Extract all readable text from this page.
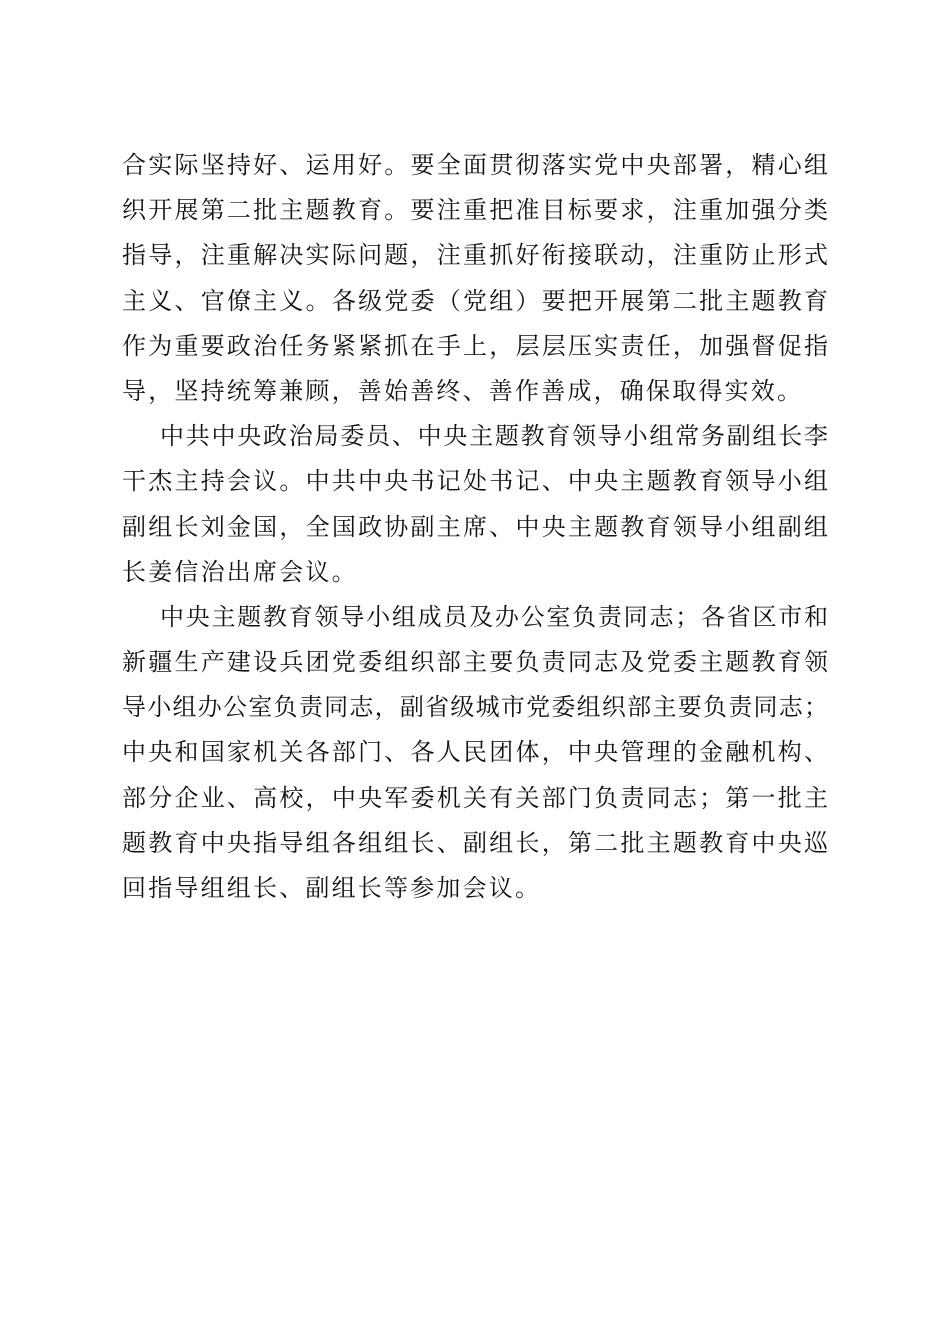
合实际坚持好、运用好。要全面贯彻落实党中央部署，精心组
织开展第二批主题教育。要注重把准目标要求，注重加强分类
指导，注重解决实际问题，注重抓好衔接联动，注重防止形式
主义、官僚主义。各级党委（党组）要把开展第二批主题教育
作为重要政治任务紧紧抓在手上，层层压实责任，加强督促指
导，坚持统筹兼顾，善始善终、善作善成，确保取得实效。
中共中央政治局委员、中央主题教育领导小组常务副组长李
干杰主持会议。中共中央书记处书记、中央主题教育领导小组
副组长刘金国，全国政协副主席、中央主题教育领导小组副组
长姜信治出席会议。
中央主题教育领导小组成员及办公室负责同志；各省区市和
新疆生产建设兵团党委组织部主要负责同志及党委主题教育领
导小组办公室负责同志，副省级城市党委组织部主要负责同志；
中央和国家机关各部门、各人民团体，中央管理的金融机构、
部分企业、高校，中央军委机关有关部门负责同志；第一批主
题教育中央指导组各组组长、副组长，第二批主题教育中央巡
回指导组组长、副组长等参加会议。
